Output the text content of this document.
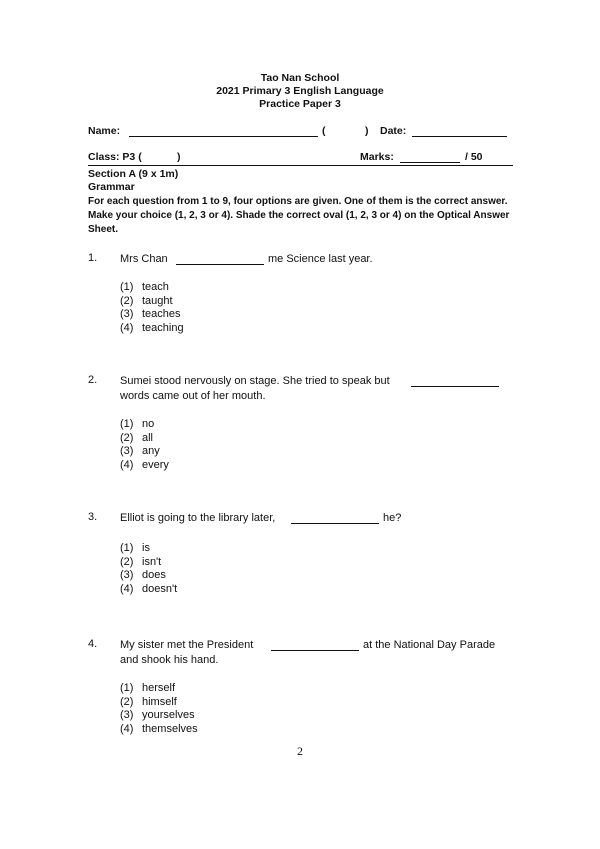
Tao Nan School
2021 Primary 3 English Language
Practice Paper 3
Name:	(	) Date:
Class: P3 (	)	Marks:	/ 50
Section A (9 x 1m)
Grammar
For each question from 1 to 9, four options are given. One of them is the correct answer. Make your choice (1, 2, 3 or 4). Shade the correct oval (1, 2, 3 or 4) on the Optical Answer Sheet.
1. Mrs Chan	me Science last year.
(1) teach
(2) taught
(3) teaches
(4) teaching
2. Sumei stood nervously on stage. She tried to speak but
words came out of her mouth.
(1) no
(2) all
(3) any
(4) every
3. Elliot is going to the library later,	he?
(1) is
(2) isn't
(3) does
(4) doesn't
4. My sister met the President	at the National Day Parade
and shook his hand.
(1) herself
(2) himself
(3) yourselves
(4) themselves
2
